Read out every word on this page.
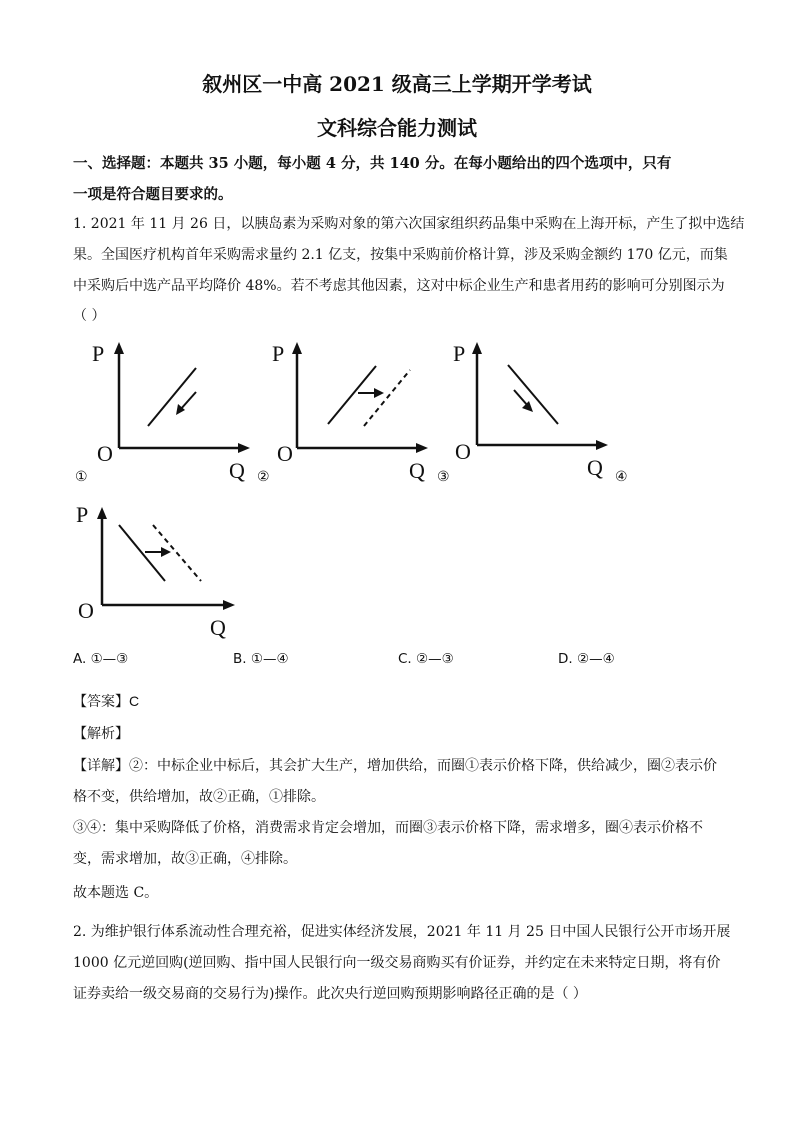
叙州区一中高 2021 级高三上学期开学考试
文科综合能力测试
一、选择题：本题共 35 小题，每小题 4 分，共 140 分。在每小题给出的四个选项中，只有
一项是符合题目要求的。
1. 2021 年 11 月 26 日，以胰岛素为采购对象的第六次国家组织药品集中采购在上海开标，产生了拟中选结
果。全国医疗机构首年采购需求量约 2.1 亿支，按集中采购前价格计算，涉及采购金额约 170 亿元，而集
中采购后中选产品平均降价 48%。若不考虑其他因素，这对中标企业生产和患者用药的影响可分别图示为
（ ）
P
O
Q
①
P
O
Q
②
P
O
Q
③	④
P
O
Q
A. ①—③	B. ①—④	C. ②—③	D. ②—④
【答案】C
【解析】
【详解】②：中标企业中标后，其会扩大生产，增加供给，而圈①表示价格下降，供给减少，圈②表示价
格不变，供给增加，故②正确，①排除。
③④：集中采购降低了价格，消费需求肯定会增加，而圈③表示价格下降，需求增多，圈④表示价格不
变，需求增加，故③正确，④排除。
故本题选 C。
2. 为维护银行体系流动性合理充裕，促进实体经济发展，2021 年 11 月 25 日中国人民银行公开市场开展
1000 亿元逆回购(逆回购、指中国人民银行向一级交易商购买有价证券，并约定在未来特定日期，将有价
证券卖给一级交易商的交易行为)操作。此次央行逆回购预期影响路径正确的是（ ）
